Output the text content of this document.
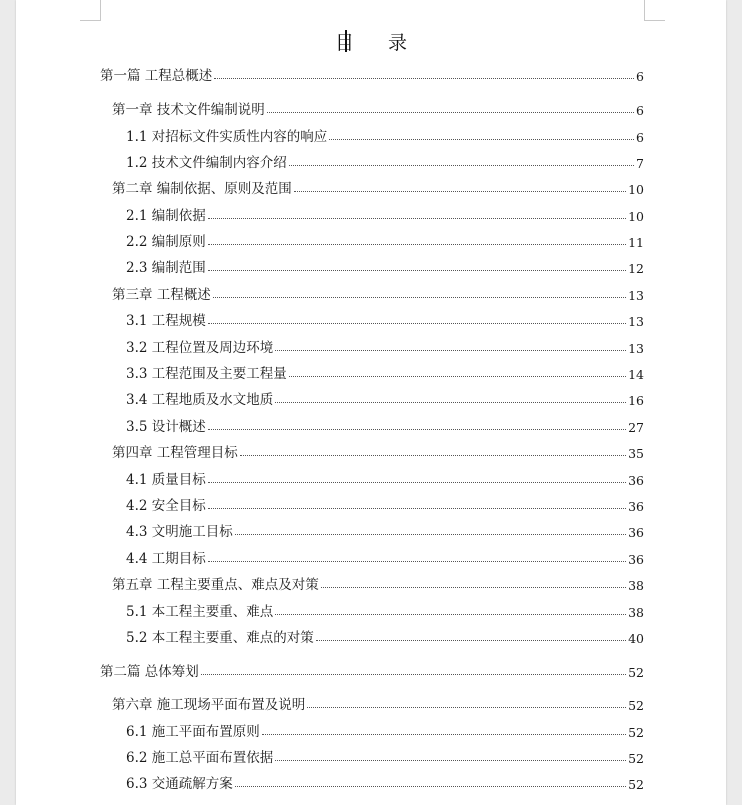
目 录
第一篇 工程总概述	6
第一章 技术文件编制说明	6
1.1 对招标文件实质性内容的响应	6
1.2 技术文件编制内容介绍	7
第二章 编制依据、原则及范围	10
2.1 编制依据	10
2.2 编制原则	11
2.3 编制范围	12
第三章 工程概述	13
3.1 工程规模	13
3.2 工程位置及周边环境	13
3.3 工程范围及主要工程量	14
3.4 工程地质及水文地质	16
3.5 设计概述	27
第四章 工程管理目标	35
4.1 质量目标	36
4.2 安全目标	36
4.3 文明施工目标	36
4.4 工期目标	36
第五章 工程主要重点、难点及对策	38
5.1 本工程主要重、难点	38
5.2 本工程主要重、难点的对策	40
第二篇 总体筹划	52
第六章 施工现场平面布置及说明	52
6.1 施工平面布置原则	52
6.2 施工总平面布置依据	52
6.3 交通疏解方案	52
